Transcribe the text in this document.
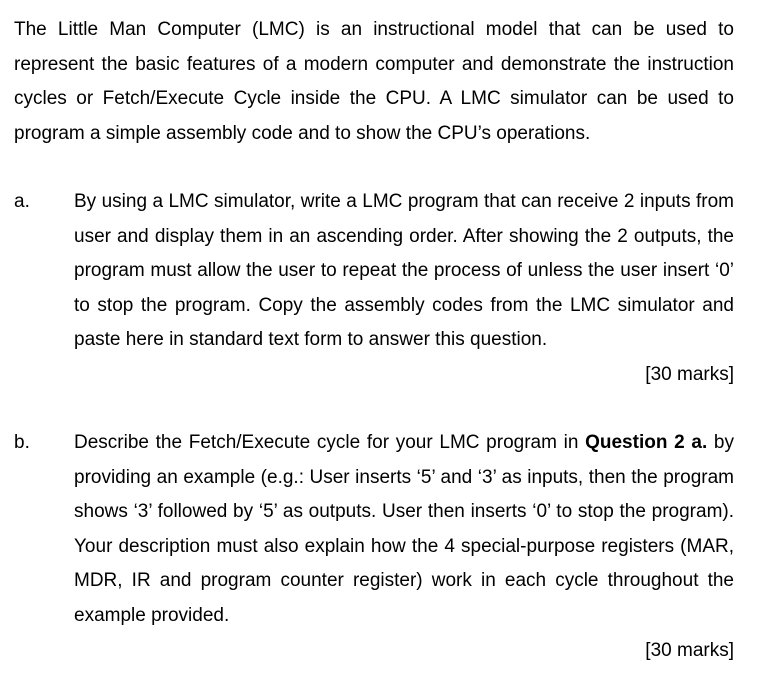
The Little Man Computer (LMC) is an instructional model that can be used to represent the basic features of a modern computer and demonstrate the instruction cycles or Fetch/Execute Cycle inside the CPU. A LMC simulator can be used to program a simple assembly code and to show the CPU’s operations.

a. By using a LMC simulator, write a LMC program that can receive 2 inputs from user and display them in an ascending order. After showing the 2 outputs, the program must allow the user to repeat the process of unless the user insert ‘0’ to stop the program. Copy the assembly codes from the LMC simulator and paste here in standard text form to answer this question.

[30 marks]
b. Describe the Fetch/Execute cycle for your LMC program in Question 2 a. by providing an example (e.g.: User inserts ‘5’ and ‘3’ as inputs, then the program shows ‘3’ followed by ‘5’ as outputs. User then inserts ‘0’ to stop the program). Your description must also explain how the 4 special-purpose registers (MAR, MDR, IR and program counter register) work in each cycle throughout the example provided.

[30 marks]
